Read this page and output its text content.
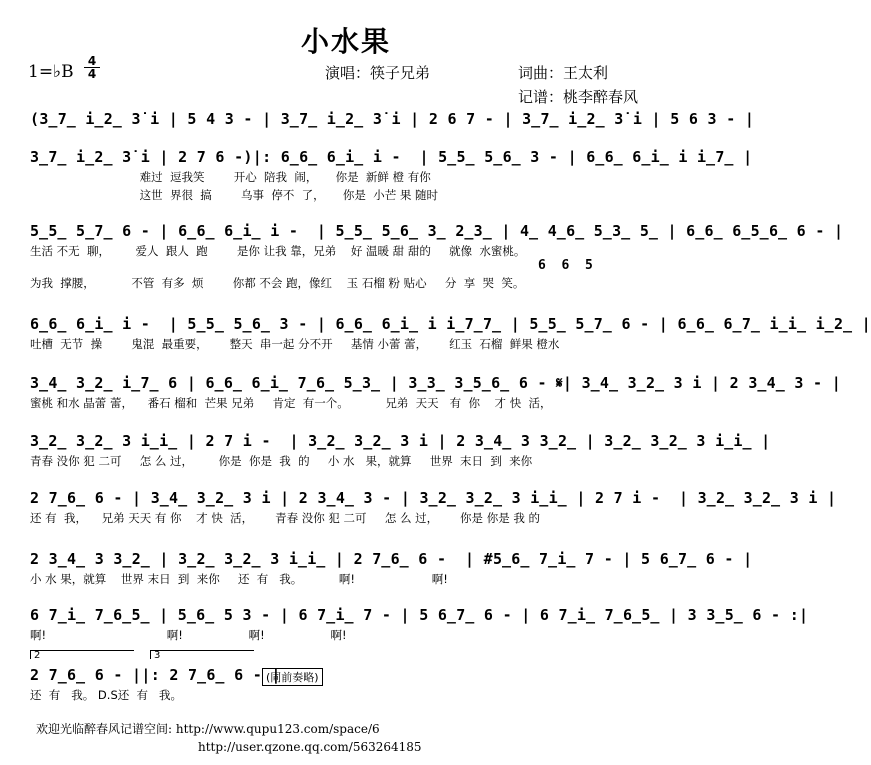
小水果
1=♭B
4
4	演唱：筷子兄弟	词曲：王太利
记谱：桃李醉春风
(3̲7̲ i̲2̲ 3̇ i | 5 4 3 - | 3̲7̲ i̲2̲ 3̇ i | 2 6 7 - | 3̲7̲ i̲2̲ 3̇ i | 5 6 3 - |
3̲7̲ i̲2̲ 3̇ i | 2 7 6 -)|: 6̲6̲ 6̲i̲ i -  | 5̲5̲ 5̲6̲ 3 - | 6̲6̲ 6̲i̲ i i̲7̲ |
难过  逗我笑        开心  陪我  闹，     你是  新鲜 橙 有你
这世  界很  搞        乌事  停不  了，     你是  小芒 果 随时
5̲5̲ 5̲7̲ 6 - | 6̲6̲ 6̲i̲ i -  | 5̲5̲ 5̲6̲ 3̲ 2̲3̲ | 4̲ 4̲6̲ 5̲3̲ 5̲ | 6̲6̲ 6̲5̲6̲ 6 - |
生活 不无  聊，       爱人  跟人  跑        是你 让我 靠，兄弟    好 温暖 甜 甜的     就像  水蜜桃。
为我  撑腰，          不管  有多  烦        你都 不会 跑，像红    玉 石榴 粉 贴心     分  享  哭  笑。
6  6  5
6̲6̲ 6̲i̲ i -  | 5̲5̲ 5̲6̲ 3 - | 6̲6̲ 6̲i̲ i i̲7̲7̲ | 5̲5̲ 5̲7̲ 6 - | 6̲6̲ 6̲7̲ i̲i̲ i̲2̲ |
吐槽  无节  操        鬼混  最重要，      整天  串一起 分不开     基情 小蕾 蕾，      红玉  石榴  鲜果 橙水
3̲4̲ 3̲2̲ i̲7̲ 6 | 6̲6̲ 6̲i̲ 7̲6̲ 5̲3̲ | 3̲3̲ 3̲5̲6̲ 6 - 𝄋| 3̲4̲ 3̲2̲ 3 i | 2 3̲4̲ 3 - |
蜜桃 和水 晶蕾 蕾，    番石 榴和  芒果 兄弟     肯定  有一个。          兄弟  天天   有  你    才 快  活，
3̲2̲ 3̲2̲ 3 i̲i̲ | 2 7 i -  | 3̲2̲ 3̲2̲ 3 i | 2 3̲4̲ 3 3̲2̲ | 3̲2̲ 3̲2̲ 3 i̲i̲ |
青春 没你 犯 二可     怎 么 过，       你是  你是  我  的     小 水   果，就算     世界  末日  到  来你
2 7̲6̲ 6 - | 3̲4̲ 3̲2̲ 3 i | 2 3̲4̲ 3 - | 3̲2̲ 3̲2̲ 3 i̲i̲ | 2 7 i -  | 3̲2̲ 3̲2̲ 3 i |
还 有  我，    兄弟 天天 有 你    才 快  活，      青春 没你 犯 二可     怎 么 过，      你是 你是 我 的
2 3̲4̲ 3 3̲2̲ | 3̲2̲ 3̲2̲ 3 i̲i̲ | 2 7̲6̲ 6 -  | #5̲6̲ 7̲i̲ 7 - | 5 6̲7̲ 6 - |
小 水 果，就算    世界 末日  到  来你     还  有   我。          啊!                     啊!
6 7̲i̲ 7̲6̲5̲ | 5̲6̲ 5 3 - | 6 7̲i̲ 7 - | 5 6̲7̲ 6 - | 6 7̲i̲ 7̲6̲5̲ | 3 3̲5̲ 6 - :|
啊!                                 啊!                  啊!                  啊!
2	3
2 7̲6̲ 6 - ||: 2 7̲6̲ 6 - |
还  有   我。 D.S还  有   我。
(同前奏略)
欢迎光临醉春风记谱空间: http://www.qupu123.com/space/6
http://user.qzone.qq.com/563264185
